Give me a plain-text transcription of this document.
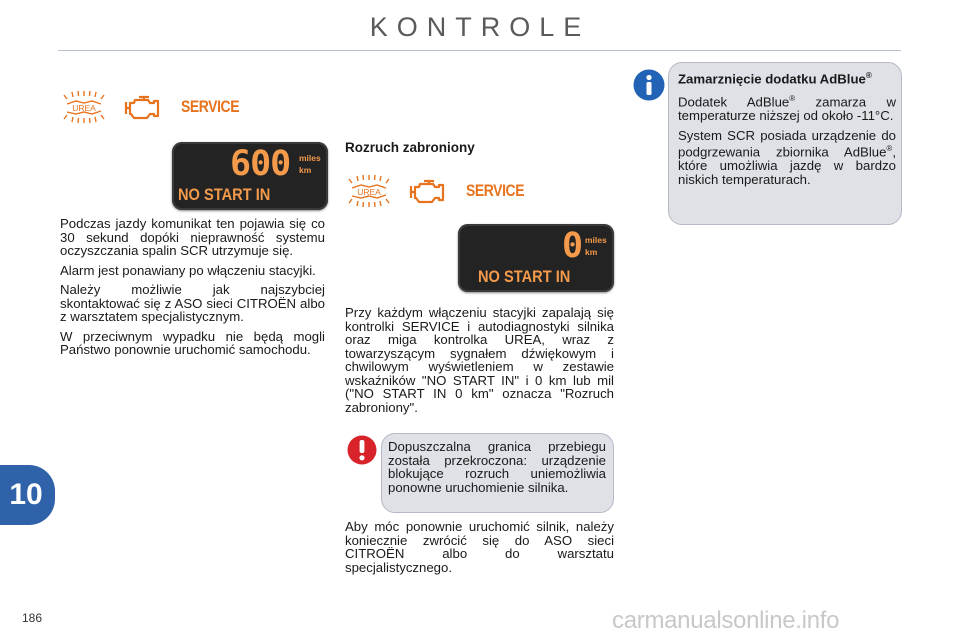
KONTROLE
UREA	SERVICE
600 miles
km
NO START IN

Podczas jazdy komunikat ten pojawia się co 30 sekund dopóki nieprawność systemu oczyszczania spalin SCR utrzymuje się.

Alarm jest ponawiany po włączeniu stacyjki.

Należy możliwie jak najszybciej skontaktować się z ASO sieci CITROËN albo z warsztatem specjalistycznym.

W przeciwnym wypadku nie będą mogli Państwo ponownie uruchomić samochodu.

Rozruch zabroniony
UREA	SERVICE
0 miles
km
NO START IN

Przy każdym włączeniu stacyjki zapalają się kontrolki SERVICE i autodiagnostyki silnika oraz miga kontrolka UREA, wraz z towarzyszącym sygnałem dźwiękowym i chwilowym wyświetleniem w zestawie wskaźników "NO START IN" i 0 km lub mil ("NO START IN 0 km" oznacza "Rozruch zabroniony".

Dopuszczalna granica przebiegu została przekroczona: urządzenie blokujące rozruch uniemożliwia ponowne uruchomienie silnika.

Aby móc ponownie uruchomić silnik, należy koniecznie zwrócić się do ASO sieci CITROËN albo do warsztatu specjalistycznego.

Zamarznięcie dodatku AdBlue®

Dodatek AdBlue® zamarza w temperaturze niższej od około -11°C.

System SCR posiada urządzenie do podgrzewania zbiornika AdBlue®, które umożliwia jazdę w bardzo niskich temperaturach.

10
186	carmanualsonline.info
